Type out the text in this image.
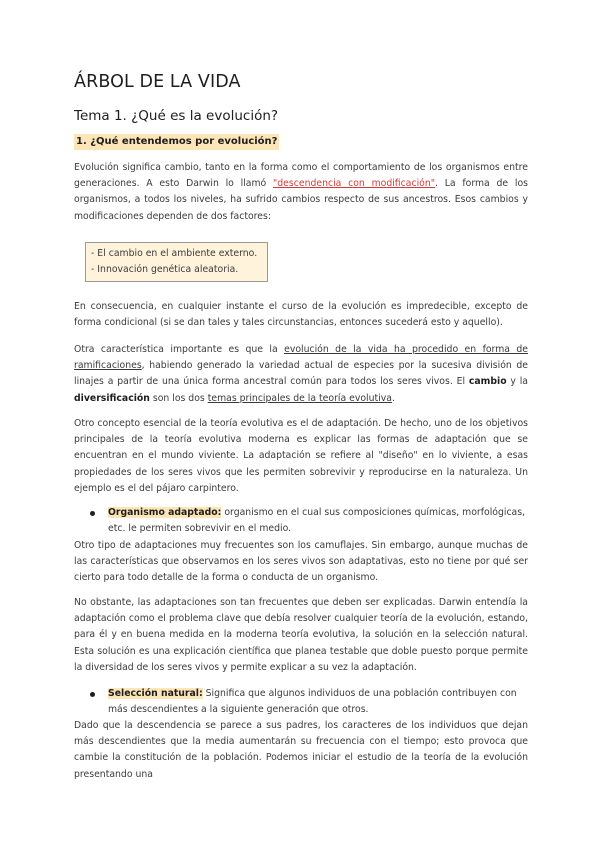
ÁRBOL DE LA VIDA
Tema 1. ¿Qué es la evolución?
1. ¿Qué entendemos por evolución?

Evolución significa cambio, tanto en la forma como el comportamiento de los organismos entre generaciones. A esto Darwin lo llamó "descendencia con modificación". La forma de los organismos, a todos los niveles, ha sufrido cambios respecto de sus ancestros. Esos cambios y modificaciones dependen de dos factores:

- El cambio en el ambiente externo.
- Innovación genética aleatoria.

En consecuencia, en cualquier instante el curso de la evolución es impredecible, excepto de forma condicional (si se dan tales y tales circunstancias, entonces sucederá esto y aquello).

Otra característica importante es que la evolución de la vida ha procedido en forma de ramificaciones, habiendo generado la variedad actual de especies por la sucesiva división de linajes a partir de una única forma ancestral común para todos los seres vivos. El cambio y la diversificación son los dos temas principales de la teoría evolutiva.

Otro concepto esencial de la teoría evolutiva es el de adaptación. De hecho, uno de los objetivos principales de la teoría evolutiva moderna es explicar las formas de adaptación que se encuentran en el mundo viviente. La adaptación se refiere al "diseño" en lo viviente, a esas propiedades de los seres vivos que les permiten sobrevivir y reproducirse en la naturaleza. Un ejemplo es el del pájaro carpintero.

Organismo adaptado: organismo en el cual sus composiciones químicas, morfológicas, etc. le permiten sobrevivir en el medio.

Otro tipo de adaptaciones muy frecuentes son los camuflajes. Sin embargo, aunque muchas de las características que observamos en los seres vivos son adaptativas, esto no tiene por qué ser cierto para todo detalle de la forma o conducta de un organismo.

No obstante, las adaptaciones son tan frecuentes que deben ser explicadas. Darwin entendía la adaptación como el problema clave que debía resolver cualquier teoría de la evolución, estando, para él y en buena medida en la moderna teoría evolutiva, la solución en la selección natural. Esta solución es una explicación científica que planea testable que doble puesto porque permite la diversidad de los seres vivos y permite explicar a su vez la adaptación.

Selección natural: Significa que algunos individuos de una población contribuyen con más descendientes a la siguiente generación que otros.

Dado que la descendencia se parece a sus padres, los caracteres de los individuos que dejan más descendientes que la media aumentarán su frecuencia con el tiempo; esto provoca que cambie la constitución de la población. Podemos iniciar el estudio de la teoría de la evolución presentando una
